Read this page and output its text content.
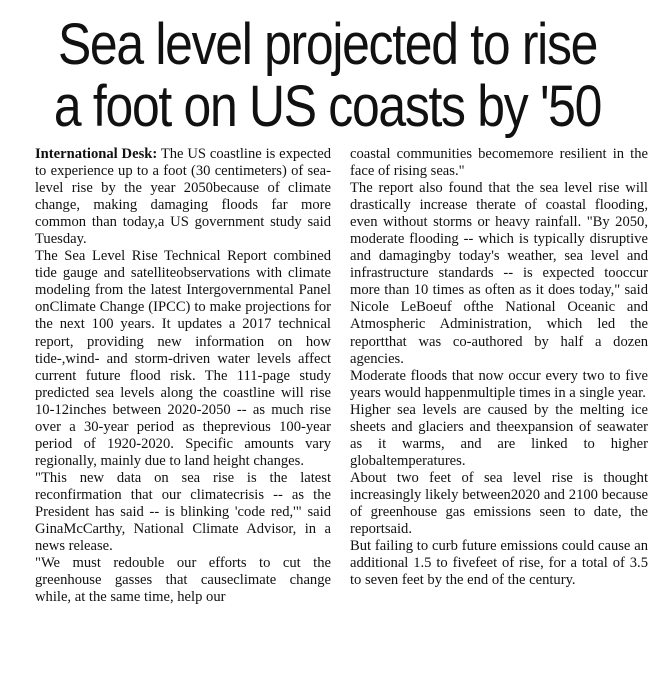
Sea level projected to rise
a foot on US coasts by '50

International Desk: The US coastline is expected to experience up to a foot (30 centimeters) of sea-level rise by the year 2050because of climate change, making damaging floods far more common than today,a US government study said Tuesday.

The Sea Level Rise Technical Report combined tide gauge and satelliteobservations with climate modeling from the latest Intergovernmental Panel onClimate Change (IPCC) to make projections for the next 100 years. It updates a 2017 technical report, providing new information on how tide-,wind- and storm-driven water levels affect current future flood risk. The 111-page study predicted sea levels along the coastline will rise 10-12inches between 2020-2050 -- as much rise over a 30-year period as theprevious 100-year period of 1920-2020. Specific amounts vary regionally, mainly due to land height changes.

"This new data on sea rise is the latest reconfirmation that our climatecrisis -- as the President has said -- is blinking 'code red,'" said GinaMcCarthy, National Climate Advisor, in a news release.

"We must redouble our efforts to cut the greenhouse gasses that causeclimate change while, at the same time, help our

coastal communities becomemore resilient in the face of rising seas."

The report also found that the sea level rise will drastically increase therate of coastal flooding, even without storms or heavy rainfall. "By 2050, moderate flooding -- which is typically disruptive and damagingby today's weather, sea level and infrastructure standards -- is expected tooccur more than 10 times as often as it does today," said Nicole LeBoeuf ofthe National Oceanic and Atmospheric Administration, which led the reportthat was co-authored by half a dozen agencies.

Moderate floods that now occur every two to five years would happenmultiple times in a single year.

Higher sea levels are caused by the melting ice sheets and glaciers and theexpansion of seawater as it warms, and are linked to higher globaltemperatures.

About two feet of sea level rise is thought increasingly likely between2020 and 2100 because of greenhouse gas emissions seen to date, the reportsaid.

But failing to curb future emissions could cause an additional 1.5 to fivefeet of rise, for a total of 3.5 to seven feet by the end of the century.
